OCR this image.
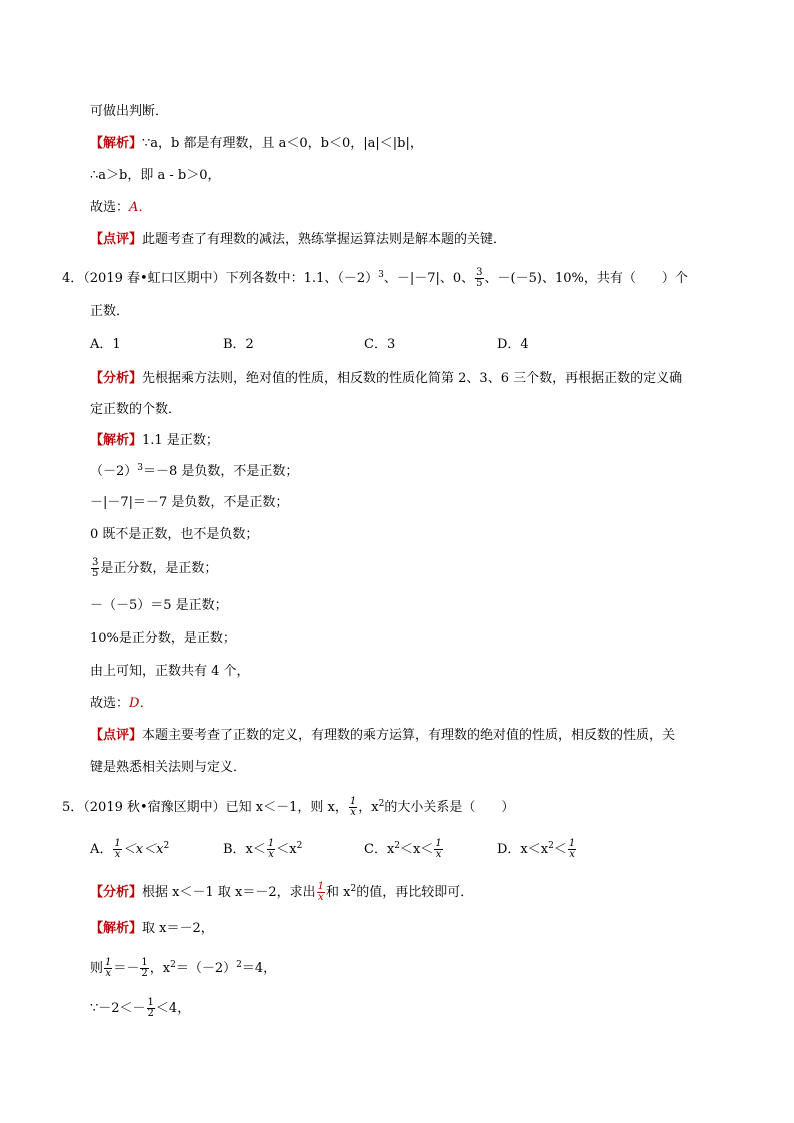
可做出判断．
【解析】∵a，b 都是有理数，且 a＜0，b＜0，|a|＜|b|，
∴a＞b，即 a - b＞0，
故选：A．
【点评】此题考查了有理数的减法，熟练掌握运算法则是解本题的关键．
4．（2019 春•虹口区期中）下列各数中：1.1、$(-2)^3$、－|－7|、0、 $\frac{3}{5}$ 、－(－5)、10%，共有（　　）个
正数．
A．1	B．2	C．3	D．4
【分析】先根据乘方法则，绝对值的性质，相反数的性质化简第 2、3、6 三个数，再根据正数的定义确
定正数的个数．
【解析】1.1 是正数；
$(-2)^3=-8$ 是负数，不是正数；
－|－7|＝－7 是负数，不是正数；
0 既不是正数，也不是负数；
$\frac{3}{5}$ 是正分数，是正数；
－（－5）＝5 是正数；
10%是正分数，是正数；
由上可知，正数共有 4 个，
故选：D．
【点评】本题主要考查了正数的定义，有理数的乘方运算，有理数的绝对值的性质，相反数的性质，关
键是熟悉相关法则与定义．
5．（2019 秋•宿豫区期中）已知 x＜－1，则 x， $\frac{1}{x}$ ，$x^2$的大小关系是（　　）
A． $\frac{1}{x} <x<x^2$	B．$x< \frac{1}{x} <x^2$	C．$x^2<x< \frac{1}{x}$	D．$x<x^2< \frac{1}{x}$
【分析】根据 x＜－1 取 x＝－2，求出 $\frac{1}{x}$ 和 $x^2$的值，再比较即可．
【解析】取 x＝－2，
则 $\frac{1}{x} =- \frac{1}{2}$ ，$x^2=(-2)^2=4$，
∵－2＜－ $\frac{1}{2} <4$，
